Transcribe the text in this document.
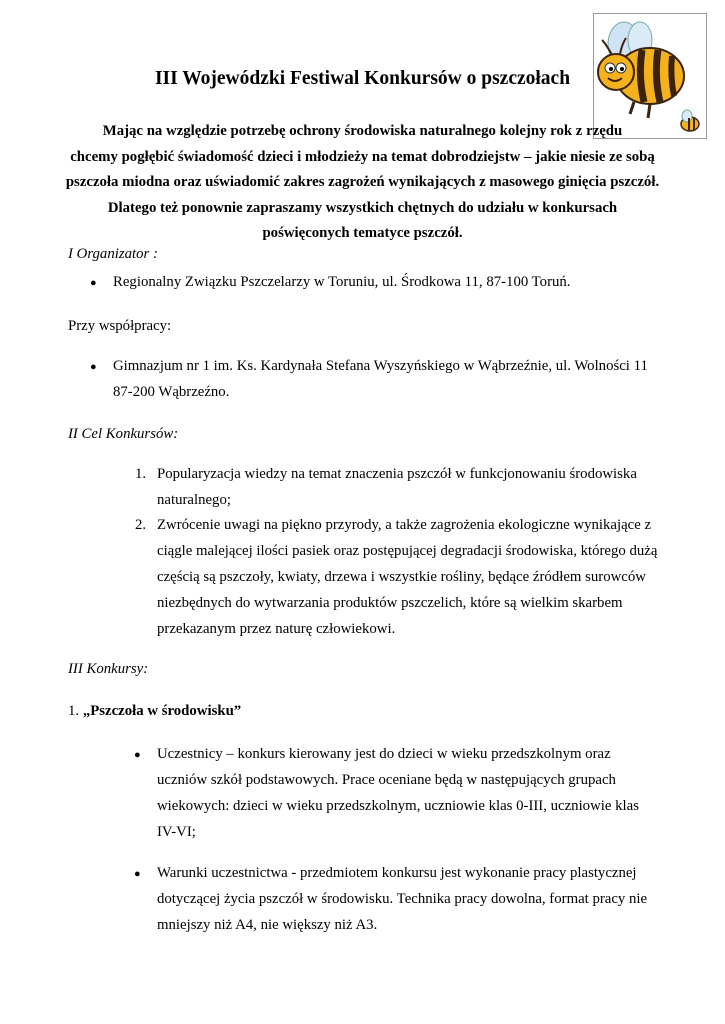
III Wojewódzki Festiwal Konkursów o pszczołach
Mając na względzie potrzebę ochrony środowiska naturalnego kolejny rok z rzędu
chcemy pogłębić świadomość dzieci i młodzieży na temat dobrodziejstw – jakie niesie ze sobą
pszczoła miodna oraz uświadomić zakres zagrożeń wynikających z masowego ginięcia pszczół.
Dlatego też ponownie zapraszamy wszystkich chętnych do udziału w konkursach
poświęconych tematyce pszczół.
I Organizator :
● Regionalny Związku Pszczelarzy w Toruniu, ul. Środkowa 11, 87-100 Toruń.
Przy współpracy:
● Gimnazjum nr 1 im. Ks. Kardynała Stefana Wyszyńskiego w Wąbrzeźnie, ul. Wolności 11
87-200 Wąbrzeźno.
II Cel Konkursów:
1. Popularyzacja wiedzy na temat znaczenia pszczół w funkcjonowaniu środowiska
naturalnego;
2. Zwrócenie uwagi na piękno przyrody, a także zagrożenia ekologiczne wynikające z
ciągle malejącej ilości pasiek oraz postępującej degradacji środowiska, którego dużą
częścią są pszczoły, kwiaty, drzewa i wszystkie rośliny, będące źródłem surowców
niezbędnych do wytwarzania produktów pszczelich, które są wielkim skarbem
przekazanym przez naturę człowiekowi.
III Konkursy:
1. „Pszczoła w środowisku”
● Uczestnicy – konkurs kierowany jest do dzieci w wieku przedszkolnym oraz
uczniów szkół podstawowych. Prace oceniane będą w następujących grupach
wiekowych: dzieci w wieku przedszkolnym, uczniowie klas 0-III, uczniowie klas
IV-VI;
● Warunki uczestnictwa - przedmiotem konkursu jest wykonanie pracy plastycznej
dotyczącej życia pszczół w środowisku. Technika pracy dowolna, format pracy nie
mniejszy niż A4, nie większy niż A3.
